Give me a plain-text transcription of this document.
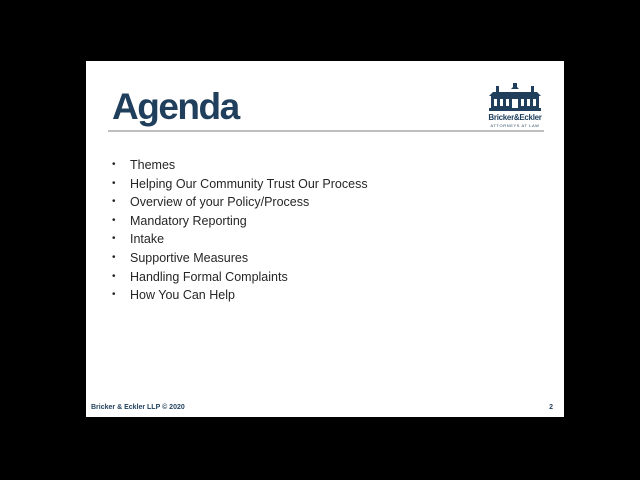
Agenda	Bricker&Eckler
ATTORNEYS AT LAW
• Themes
• Helping Our Community Trust Our Process
• Overview of your Policy/Process
• Mandatory Reporting
• Intake
• Supportive Measures
• Handling Formal Complaints
• How You Can Help
Bricker & Eckler LLP © 2020	2
